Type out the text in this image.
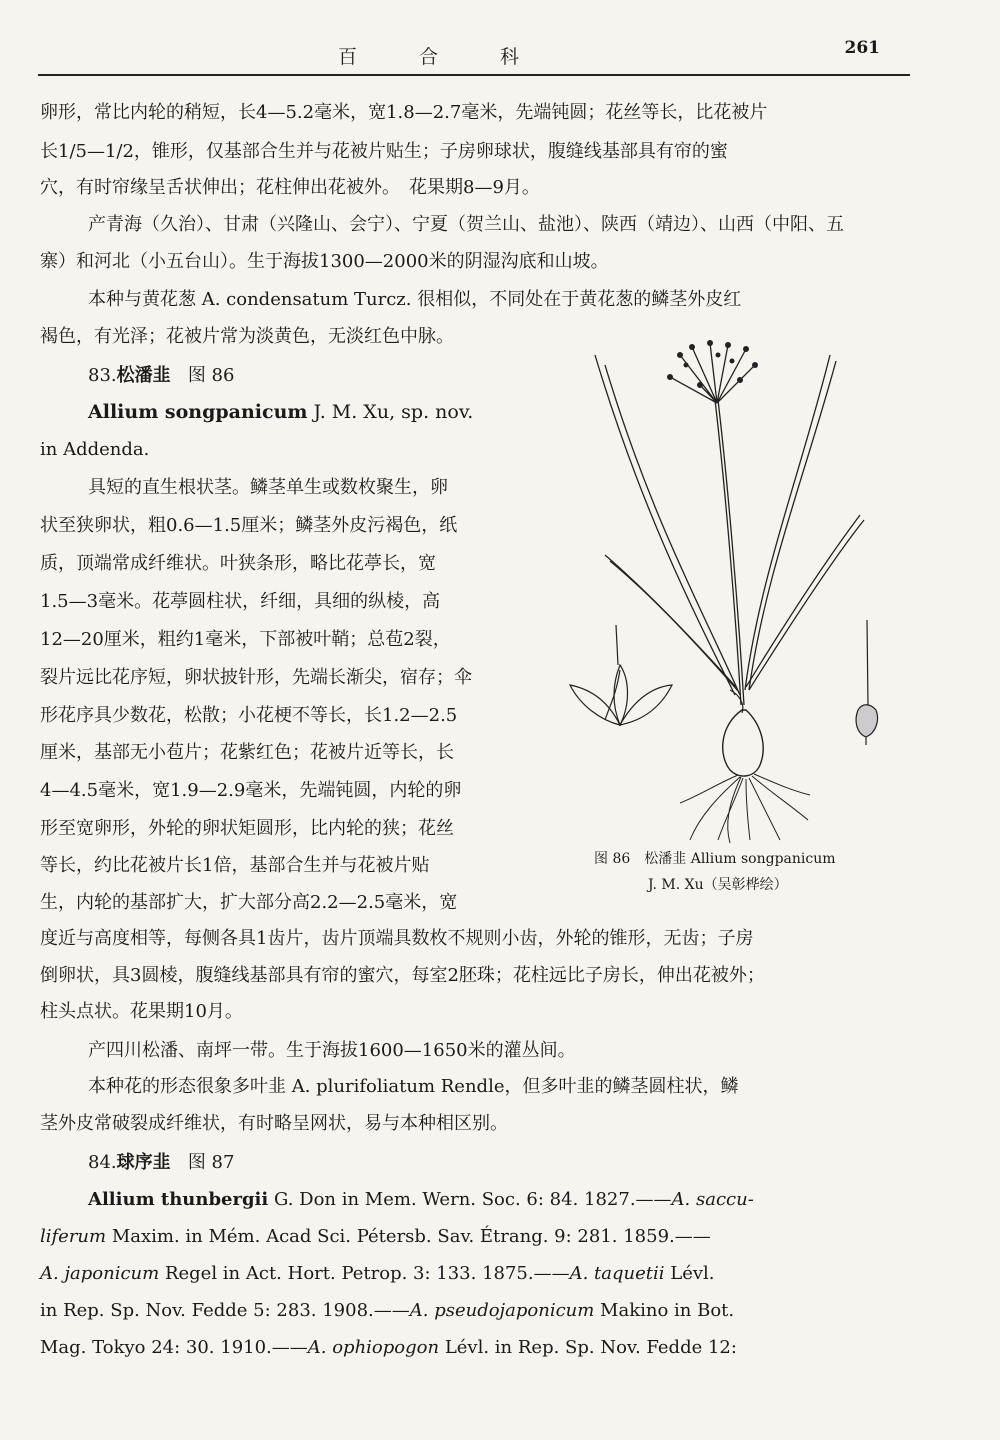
百合科	261
卵形，常比内轮的稍短，长4—5.2毫米，宽1.8—2.7毫米，先端钝圆；花丝等长，比花被片
长1/5—1/2，锥形，仅基部合生并与花被片贴生；子房卵球状，腹缝线基部具有帘的蜜
穴，有时帘缘呈舌状伸出；花柱伸出花被外。　花果期8—9月。
产青海（久治）、甘肃（兴隆山、会宁）、宁夏（贺兰山、盐池）、陕西（靖边）、山西（中阳、五
寨）和河北（小五台山）。生于海拔1300—2000米的阴湿沟底和山坡。
本种与黄花葱 A. condensatum Turcz. 很相似，不同处在于黄花葱的鳞茎外皮红
褐色，有光泽；花被片常为淡黄色，无淡红色中脉。
83.松潘韭 图 86
Allium songpanicum J. M. Xu, sp. nov.
in Addenda.
具短的直生根状茎。鳞茎单生或数枚聚生，卵
状至狭卵状，粗0.6—1.5厘米；鳞茎外皮污褐色，纸
质，顶端常成纤维状。叶狭条形，略比花葶长，宽
1.5—3毫米。花葶圆柱状，纤细，具细的纵棱，高
12—20厘米，粗约1毫米，下部被叶鞘；总苞2裂，
裂片远比花序短，卵状披针形，先端长渐尖，宿存；伞
形花序具少数花，松散；小花梗不等长，长1.2—2.5
厘米，基部无小苞片；花紫红色；花被片近等长，长
4—4.5毫米，宽1.9—2.9毫米，先端钝圆，内轮的卵
形至宽卵形，外轮的卵状矩圆形，比内轮的狭；花丝
等长，约比花被片长1倍，基部合生并与花被片贴
生，内轮的基部扩大，扩大部分高2.2—2.5毫米，宽
度近与高度相等，每侧各具1齿片，齿片顶端具数枚不规则小齿，外轮的锥形，无齿；子房
倒卵状，具3圆棱，腹缝线基部具有帘的蜜穴，每室2胚珠；花柱远比子房长，伸出花被外；
柱头点状。花果期10月。
图 86　松潘韭 Allium songpanicum
J. M. Xu（吴彰桦绘）
产四川松潘、南坪一带。生于海拔1600—1650米的灌丛间。
本种花的形态很象多叶韭 A. plurifoliatum Rendle，但多叶韭的鳞茎圆柱状，鳞
茎外皮常破裂成纤维状，有时略呈网状，易与本种相区别。
84.球序韭 图 87
Allium thunbergii G. Don in Mem. Wern. Soc. 6: 84. 1827.——A. saccu-
liferum Maxim. in Mém. Acad Sci. Pétersb. Sav. Étrang. 9: 281. 1859.——
A. japonicum Regel in Act. Hort. Petrop. 3: 133. 1875.——A. taquetii Lévl.
in Rep. Sp. Nov. Fedde 5: 283. 1908.——A. pseudojaponicum Makino in Bot.
Mag. Tokyo 24: 30. 1910.——A. ophiopogon Lévl. in Rep. Sp. Nov. Fedde 12:
